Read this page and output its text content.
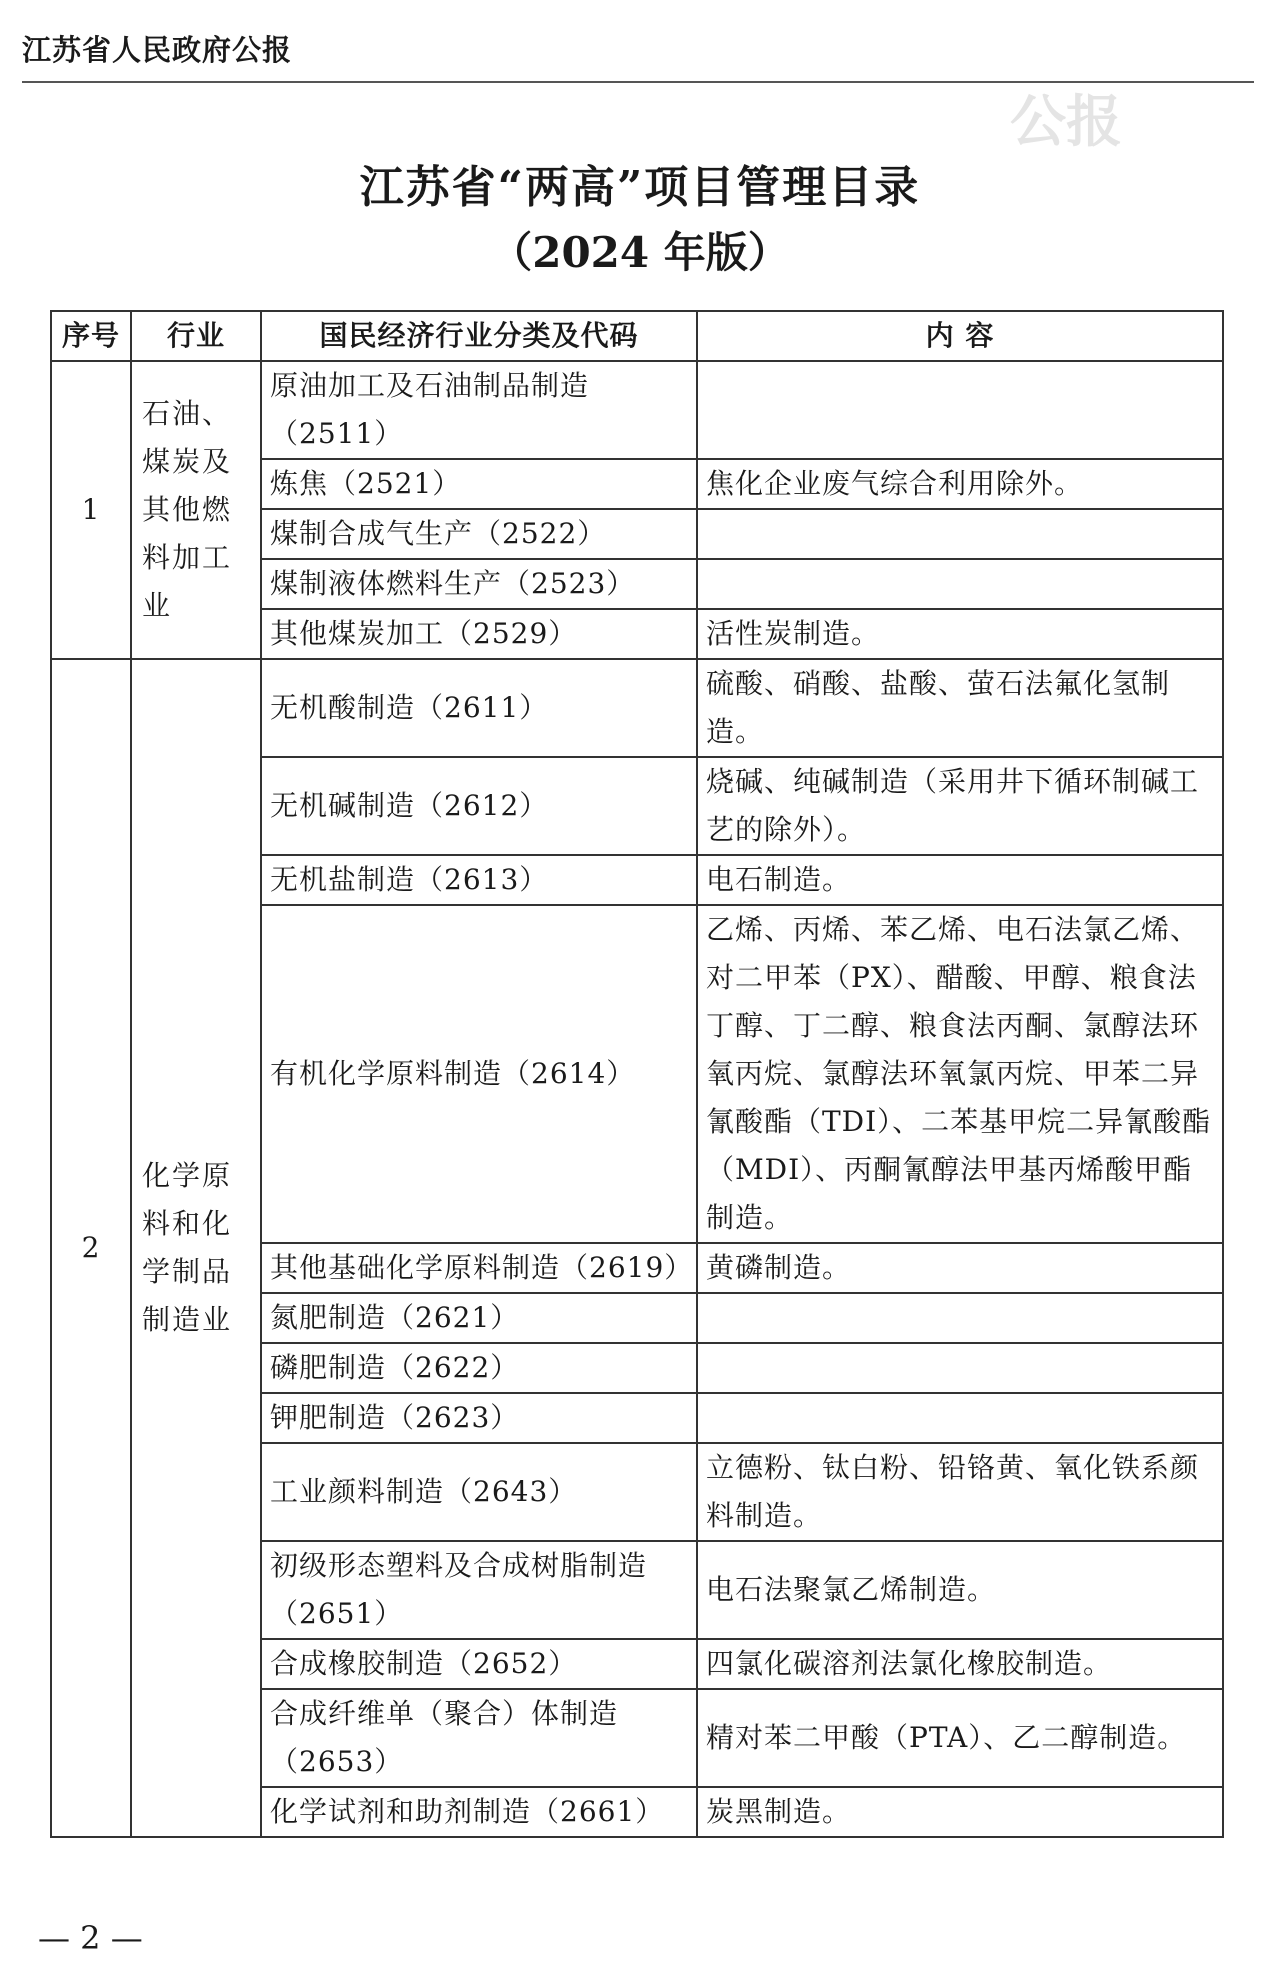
江苏省人民政府公报
公报
江苏省“两高”项目管理目录
（2024 年版）
序号	行业	国民经济行业分类及代码	内 容
1	石油、煤炭及其他燃料加工业	原油加工及石油制品制造（2511）	
		炼焦（2521）	焦化企业废气综合利用除外。
		煤制合成气生产（2522）	
		煤制液体燃料生产（2523）	
		其他煤炭加工（2529）	活性炭制造。
2	化学原料和化学制品制造业	无机酸制造（2611）	硫酸、硝酸、盐酸、萤石法氟化氢制造。
		无机碱制造（2612）	烧碱、纯碱制造（采用井下循环制碱工艺的除外）。
		无机盐制造（2613）	电石制造。
		有机化学原料制造（2614）	乙烯、丙烯、苯乙烯、电石法氯乙烯、对二甲苯（PX）、醋酸、甲醇、粮食法丁醇、丁二醇、粮食法丙酮、氯醇法环氧丙烷、氯醇法环氧氯丙烷、甲苯二异氰酸酯（TDI）、二苯基甲烷二异氰酸酯（MDI）、丙酮氰醇法甲基丙烯酸甲酯制造。
		其他基础化学原料制造（2619）	黄磷制造。
		氮肥制造（2621）	
		磷肥制造（2622）	
		钾肥制造（2623）	
		工业颜料制造（2643）	立德粉、钛白粉、铅铬黄、氧化铁系颜料制造。
		初级形态塑料及合成树脂制造（2651）	电石法聚氯乙烯制造。
		合成橡胶制造（2652）	四氯化碳溶剂法氯化橡胶制造。
		合成纤维单（聚合）体制造（2653）	精对苯二甲酸（PTA）、乙二醇制造。
		化学试剂和助剂制造（2661）	炭黑制造。
— 2 —
